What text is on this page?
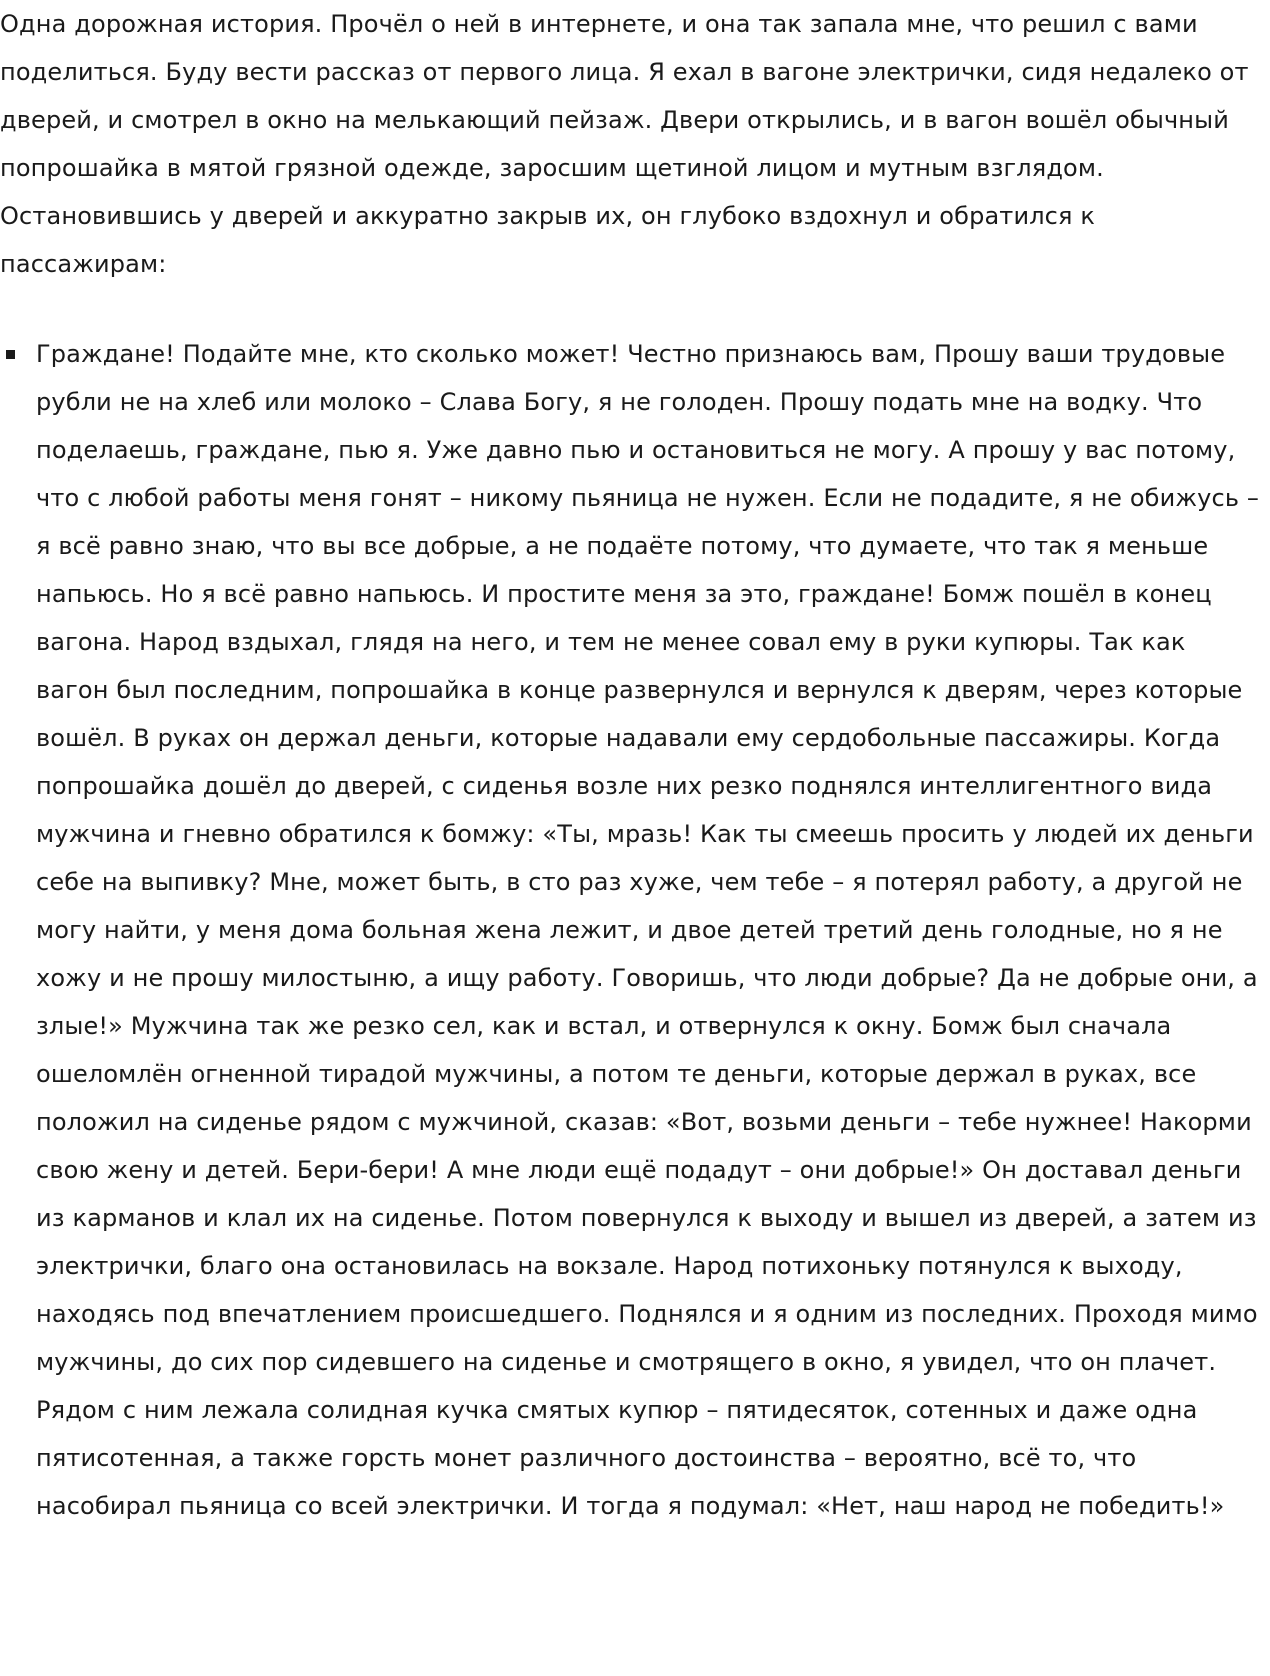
Одна дорожная история. Прочёл о ней в интернете, и она так запала мне, что решил с вами поделиться. Буду вести рассказ от первого лица. Я ехал в вагоне электрички, сидя недалеко от дверей, и смотрел в окно на мелькающий пейзаж. Двери открылись, и в вагон вошёл обычный попрошайка в мятой грязной одежде, заросшим щетиной лицом и мутным взглядом. Остановившись у дверей и аккуратно закрыв их, он глубоко вздохнул и обратился к пассажирам:

Граждане! Подайте мне, кто сколько может! Честно признаюсь вам, Прошу ваши трудовые рубли не на хлеб или молоко – Слава Богу, я не голоден. Прошу подать мне на водку. Что поделаешь, граждане, пью я. Уже давно пью и остановиться не могу. А прошу у вас потому, что с любой работы меня гонят – никому пьяница не нужен. Если не подадите, я не обижусь – я всё равно знаю, что вы все добрые, а не подаёте потому, что думаете, что так я меньше напьюсь. Но я всё равно напьюсь. И простите меня за это, граждане! Бомж пошёл в конец вагона. Народ вздыхал, глядя на него, и тем не менее совал ему в руки купюры. Так как вагон был последним, попрошайка в конце развернулся и вернулся к дверям, через которые вошёл. В руках он держал деньги, которые надавали ему сердобольные пассажиры. Когда попрошайка дошёл до дверей, с сиденья возле них резко поднялся интеллигентного вида мужчина и гневно обратился к бомжу: «Ты, мразь! Как ты смеешь просить у людей их деньги себе на выпивку? Мне, может быть, в сто раз хуже, чем тебе – я потерял работу, а другой не могу найти, у меня дома больная жена лежит, и двое детей третий день голодные, но я не хожу и не прошу милостыню, а ищу работу. Говоришь, что люди добрые? Да не добрые они, а злые!» Мужчина так же резко сел, как и встал, и отвернулся к окну. Бомж был сначала ошеломлён огненной тирадой мужчины, а потом те деньги, которые держал в руках, все положил на сиденье рядом с мужчиной, сказав: «Вот, возьми деньги – тебе нужнее! Накорми свою жену и детей. Бери-бери! А мне люди ещё подадут – они добрые!» Он доставал деньги из карманов и клал их на сиденье. Потом повернулся к выходу и вышел из дверей, а затем из электрички, благо она остановилась на вокзале. Народ потихоньку потянулся к выходу, находясь под впечатлением происшедшего. Поднялся и я одним из последних. Проходя мимо мужчины, до сих пор сидевшего на сиденье и смотрящего в окно, я увидел, что он плачет. Рядом с ним лежала солидная кучка смятых купюр – пятидесяток, сотенных и даже одна пятисотенная, а также горсть монет различного достоинства – вероятно, всё то, что насобирал пьяница со всей электрички. И тогда я подумал: «Нет, наш народ не победить!»
